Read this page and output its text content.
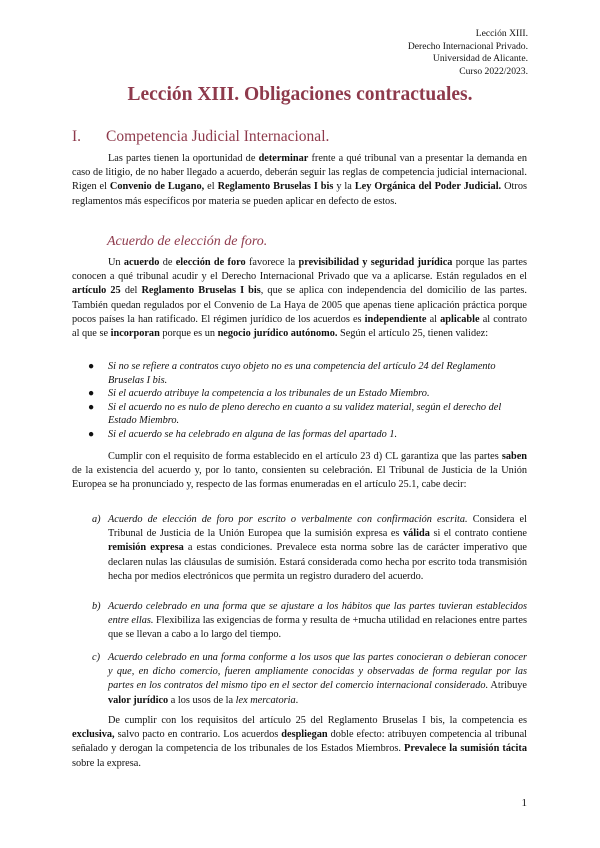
Lección XIII.
Derecho Internacional Privado.
Universidad de Alicante.
Curso 2022/2023.
Lección XIII. Obligaciones contractuales.
I. Competencia Judicial Internacional.
Las partes tienen la oportunidad de determinar frente a qué tribunal van a presentar la demanda en caso de litigio, de no haber llegado a acuerdo, deberán seguir las reglas de competencia judicial internacional. Rigen el Convenio de Lugano, el Reglamento Bruselas I bis y la Ley Orgánica del Poder Judicial. Otros reglamentos más específicos por materia se pueden aplicar en defecto de estos.
Acuerdo de elección de foro.
Un acuerdo de elección de foro favorece la previsibilidad y seguridad jurídica porque las partes conocen a qué tribunal acudir y el Derecho Internacional Privado que va a aplicarse. Están regulados en el artículo 25 del Reglamento Bruselas I bis, que se aplica con independencia del domicilio de las partes. También quedan regulados por el Convenio de La Haya de 2005 que apenas tiene aplicación práctica porque pocos países la han ratificado. El régimen jurídico de los acuerdos es independiente al aplicable al contrato al que se incorporan porque es un negocio jurídico autónomo. Según el artículo 25, tienen validez:
● Si no se refiere a contratos cuyo objeto no es una competencia del artículo 24 del Reglamento Bruselas I bis.
● Si el acuerdo atribuye la competencia a los tribunales de un Estado Miembro.
● Si el acuerdo no es nulo de pleno derecho en cuanto a su validez material, según el derecho del Estado Miembro.
● Si el acuerdo se ha celebrado en alguna de las formas del apartado 1.
Cumplir con el requisito de forma establecido en el artículo 23 d) CL garantiza que las partes saben de la existencia del acuerdo y, por lo tanto, consienten su celebración. El Tribunal de Justicia de la Unión Europea se ha pronunciado y, respecto de las formas enumeradas en el artículo 25.1, cabe decir:
a) Acuerdo de elección de foro por escrito o verbalmente con confirmación escrita. Considera el Tribunal de Justicia de la Unión Europea que la sumisión expresa es válida si el contrato contiene remisión expresa a estas condiciones. Prevalece esta norma sobre las de carácter imperativo que declaren nulas las cláusulas de sumisión. Estará considerada como hecha por escrito toda transmisión hecha por medios electrónicos que permita un registro duradero del acuerdo.
b) Acuerdo celebrado en una forma que se ajustare a los hábitos que las partes tuvieran establecidos entre ellas. Flexibiliza las exigencias de forma y resulta de +mucha utilidad en relaciones entre partes que se llevan a cabo a lo largo del tiempo.
c) Acuerdo celebrado en una forma conforme a los usos que las partes conocieran o debieran conocer y que, en dicho comercio, fueren ampliamente conocidas y observadas de forma regular por las partes en los contratos del mismo tipo en el sector del comercio internacional considerado. Atribuye valor jurídico a los usos de la lex mercatoria.
De cumplir con los requisitos del artículo 25 del Reglamento Bruselas I bis, la competencia es exclusiva, salvo pacto en contrario. Los acuerdos despliegan doble efecto: atribuyen competencia al tribunal señalado y derogan la competencia de los tribunales de los Estados Miembros. Prevalece la sumisión tácita sobre la expresa.
1
